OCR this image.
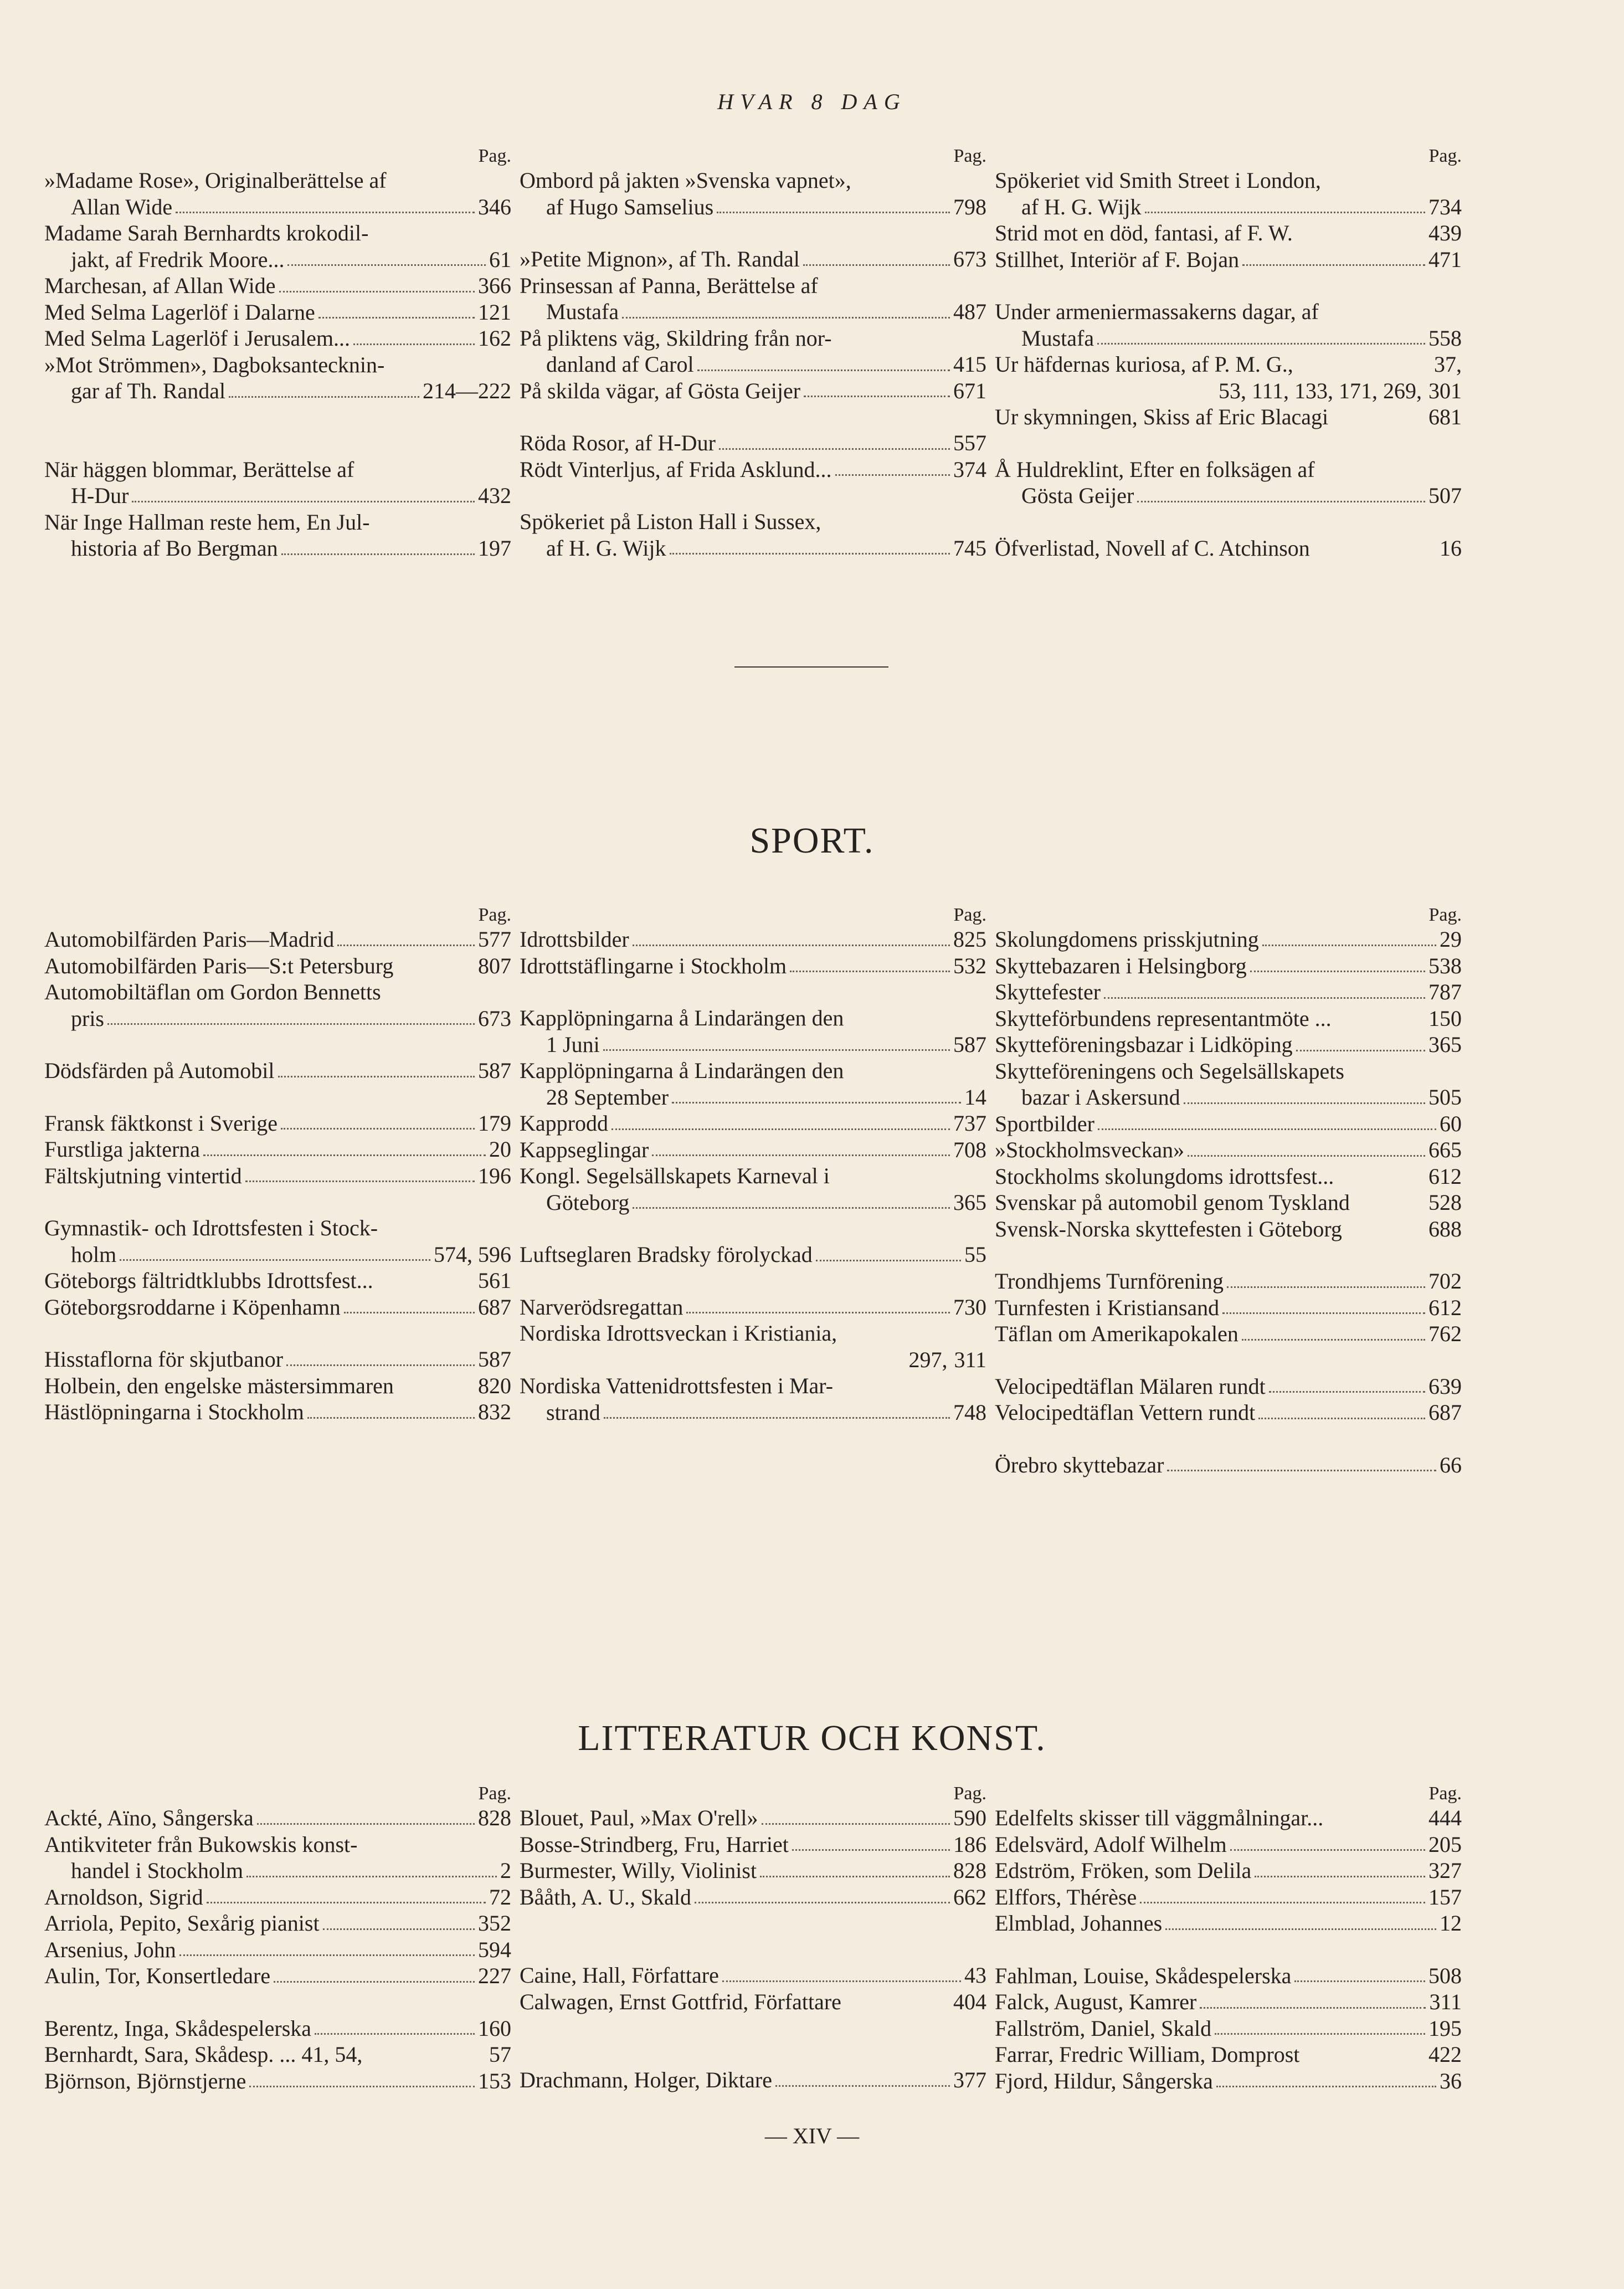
HVAR 8 DAG
Pag.
»Madame Rose», Originalberättelse af
Allan Wide	346
Madame Sarah Bernhardts krokodil-
jakt, af Fredrik Moore...	61
Marchesan, af Allan Wide	366
Med Selma Lagerlöf i Dalarne	121
Med Selma Lagerlöf i Jerusalem...	162
»Mot Strömmen», Dagboksantecknin-
gar af Th. Randal	214—222
När häggen blommar, Berättelse af
H-Dur	432
När Inge Hallman reste hem, En Jul-
historia af Bo Bergman	197
Pag.
Ombord på jakten »Svenska vapnet»,
af Hugo Samselius	798
»Petite Mignon», af Th. Randal	673
Prinsessan af Panna, Berättelse af
Mustafa	487
På pliktens väg, Skildring från nor-
danland af Carol	415
På skilda vägar, af Gösta Geijer	671
Röda Rosor, af H-Dur	557
Rödt Vinterljus, af Frida Asklund...	374
Spökeriet på Liston Hall i Sussex,
af H. G. Wijk	745
Pag.
Spökeriet vid Smith Street i London,
af H. G. Wijk	734
Strid mot en död, fantasi, af F. W.	439
Stillhet, Interiör af F. Bojan	471
Under armeniermassakerns dagar, af
Mustafa	558
Ur häfdernas kuriosa, af P. M. G.,	37,
53, 111, 133, 171, 269, 301
Ur skymningen, Skiss af Eric Blacagi	681
Å Huldreklint, Efter en folksägen af
Gösta Geijer	507
Öfverlistad, Novell af C. Atchinson	16
SPORT.
Pag.
Automobilfärden Paris—Madrid	577
Automobilfärden Paris—S:t Petersburg	807
Automobiltäflan om Gordon Bennetts
pris	673
Dödsfärden på Automobil	587
Fransk fäktkonst i Sverige	179
Furstliga jakterna	20
Fältskjutning vintertid	196
Gymnastik- och Idrottsfesten i Stock-
holm	574, 596
Göteborgs fältridtklubbs Idrottsfest...	561
Göteborgsroddarne i Köpenhamn	687
Hisstaflorna för skjutbanor	587
Holbein, den engelske mästersimmaren	820
Hästlöpningarna i Stockholm	832
Pag.
Idrottsbilder	825
Idrottstäflingarne i Stockholm	532
Kapplöpningarna å Lindarängen den
1 Juni	587
Kapplöpningarna å Lindarängen den
28 September	14
Kapprodd	737
Kappseglingar	708
Kongl. Segelsällskapets Karneval i
Göteborg	365
Luftseglaren Bradsky förolyckad	55
Narverödsregattan	730
Nordiska Idrottsveckan i Kristiania,
297, 311
Nordiska Vattenidrottsfesten i Mar-
strand	748
Pag.
Skolungdomens prisskjutning	29
Skyttebazaren i Helsingborg	538
Skyttefester	787
Skytteförbundens representantmöte ...	150
Skytteföreningsbazar i Lidköping	365
Skytteföreningens och Segelsällskapets
bazar i Askersund	505
Sportbilder	60
»Stockholmsveckan»	665
Stockholms skolungdoms idrottsfest...	612
Svenskar på automobil genom Tyskland	528
Svensk-Norska skyttefesten i Göteborg	688
Trondhjems Turnförening	702
Turnfesten i Kristiansand	612
Täflan om Amerikapokalen	762
Velocipedtäflan Mälaren rundt	639
Velocipedtäflan Vettern rundt	687
Örebro skyttebazar	66
LITTERATUR OCH KONST.
Pag.
Ackté, Aïno, Sångerska	828
Antikviteter från Bukowskis konst-
handel i Stockholm	2
Arnoldson, Sigrid	72
Arriola, Pepito, Sexårig pianist	352
Arsenius, John	594
Aulin, Tor, Konsertledare	227
Berentz, Inga, Skådespelerska	160
Bernhardt, Sara, Skådesp. ... 41, 54,	57
Björnson, Björnstjerne	153
Pag.
Blouet, Paul, »Max O'rell»	590
Bosse-Strindberg, Fru, Harriet	186
Burmester, Willy, Violinist	828
Bååth, A. U., Skald	662
Caine, Hall, Författare	43
Calwagen, Ernst Gottfrid, Författare	404
Drachmann, Holger, Diktare	377
Pag.
Edelfelts skisser till väggmålningar...	444
Edelsvärd, Adolf Wilhelm	205
Edström, Fröken, som Delila	327
Elffors, Thérèse	157
Elmblad, Johannes	12
Fahlman, Louise, Skådespelerska	508
Falck, August, Kamrer	311
Fallström, Daniel, Skald	195
Farrar, Fredric William, Domprost	422
Fjord, Hildur, Sångerska	36
— XIV —
